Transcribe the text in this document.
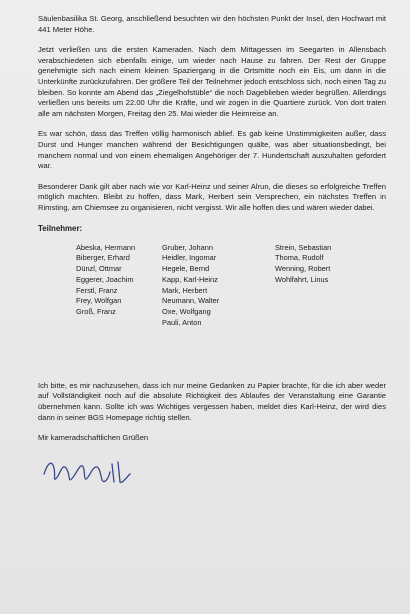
Säulenbasilika St. Georg, anschließend besuchten wir den höchsten Punkt der Insel, den Hochwart mit 441 Meter Höhe.

Jetzt verließen uns die ersten Kameraden. Nach dem Mittagessen im Seegarten in Allensbach verabschiedeten sich ebenfalls einige, um wieder nach Hause zu fahren. Der Rest der Gruppe genehmigte sich nach einem kleinen Spaziergang in die Ortsmitte noch ein Eis, um dann in die Unterkünfte zurückzufahren. Der größere Teil der Teilnehmer jedoch entschloss sich, noch einen Tag zu bleiben. So konnte am Abend das „Ziegelhofstüble“ die noch Dageblieben wieder begrüßen. Allerdings verließen uns bereits um 22.00 Uhr die Kräfte, und wir zogen in die Quartiere zurück. Von dort traten alle am nächsten Morgen, Freitag den 25. Mai wieder die Heimreise an.

Es war schön, dass das Treffen völlig harmonisch ablief. Es gab keine Unstimmigkeiten außer, dass Durst und Hunger manchen während der Besichtigungen quälte, was aber situationsbedingt, bei manchem normal und von einem ehemaligen Angehöriger der 7. Hundertschaft auszuhalten gefordert war.

Besonderer Dank gilt aber nach wie vor Karl-Heinz und seiner Alrun, die dieses so erfolgreiche Treffen möglich machten. Bleibt zu hoffen, dass Mark, Herbert sein Versprechen, ein nächstes Treffen in Rimsting, am Chiemsee zu organisieren, nicht vergisst. Wir alle hoffen dies und wären wieder dabei.

Teilnehmer:
Abeska, Hermann
Biberger, Erhard
Dünzl, Ottmar
Eggerer, Joachim
Ferstl, Franz
Frey, Wolfgan
Groß, Franz
Gruber, Johann
Heidler, Ingomar
Hegele, Bernd
Kapp, Karl-Heinz
Mark, Herbert
Neumann, Walter
Oxe, Wolfgang
Pauli, Anton
Strein, Sebastian
Thoma, Rudolf
Wenning, Robert
Wohlfahrt, Linus

Ich bitte, es mir nachzusehen, dass ich nur meine Gedanken zu Papier brachte, für die ich aber weder auf Vollständigkeit noch auf die absolute Richtigkeit des Ablaufes der Veranstaltung eine Garantie übernehmen kann. Sollte ich was Wichtiges vergessen haben, meldet dies Karl-Heinz, der wird dies dann in seiner BGS Homepage richtig stellen.

Mir kameradschaftlichen Grüßen
